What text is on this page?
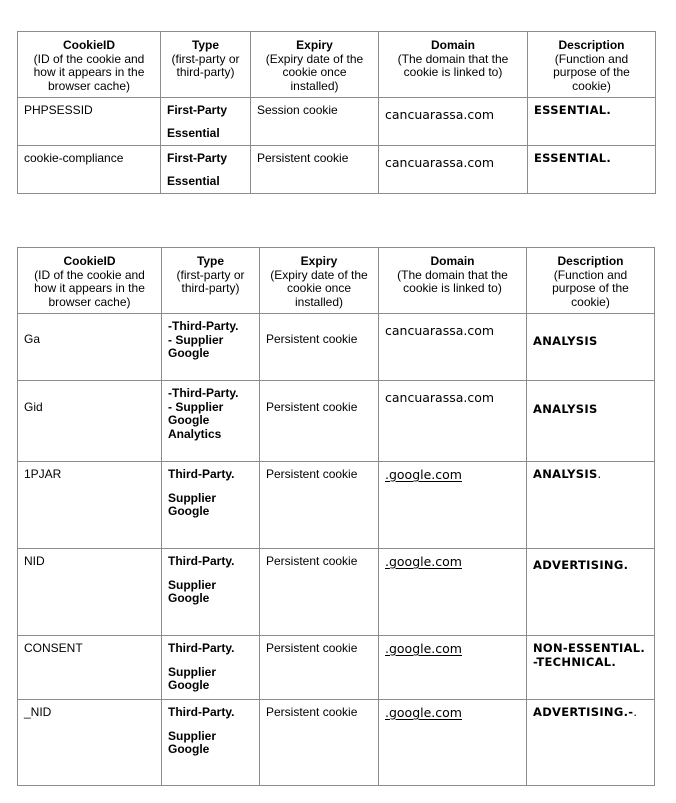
CookieID
(ID of the cookie and
how it appears in the
browser cache)	Type
(first-party or
third-party)	Expiry
(Expiry date of the
cookie once
installed)	Domain
(The domain that the
cookie is linked to)	Description
(Function and
purpose of the
cookie)

PHPSESSID	First-Party
Essential	Session cookie	cancuarassa.com	ESSENTIAL.
cookie-compliance	First-Party
Essential	Persistent cookie	cancuarassa.com	ESSENTIAL.
CookieID
(ID of the cookie and
how it appears in the
browser cache)	Type
(first-party or
third-party)	Expiry
(Expiry date of the
cookie once
installed)	Domain
(The domain that the
cookie is linked to)	Description
(Function and
purpose of the
cookie)

Ga	-Third-Party.
- Supplier
Google	Persistent cookie	cancuarassa.com	ANALYSIS
Gid	-Third-Party.
- Supplier
Google
Analytics	Persistent cookie	cancuarassa.com	ANALYSIS
1PJAR	Third-Party.
Supplier
Google	Persistent cookie	.google.com	ANALYSIS.
NID	Third-Party.
Supplier
Google	Persistent cookie	.google.com	ADVERTISING.
CONSENT	Third-Party.
Supplier
Google	Persistent cookie	.google.com	NON-ESSENTIAL.
-TECHNICAL.
_NID	Third-Party.
Supplier
Google	Persistent cookie	.google.com	ADVERTISING.-.
